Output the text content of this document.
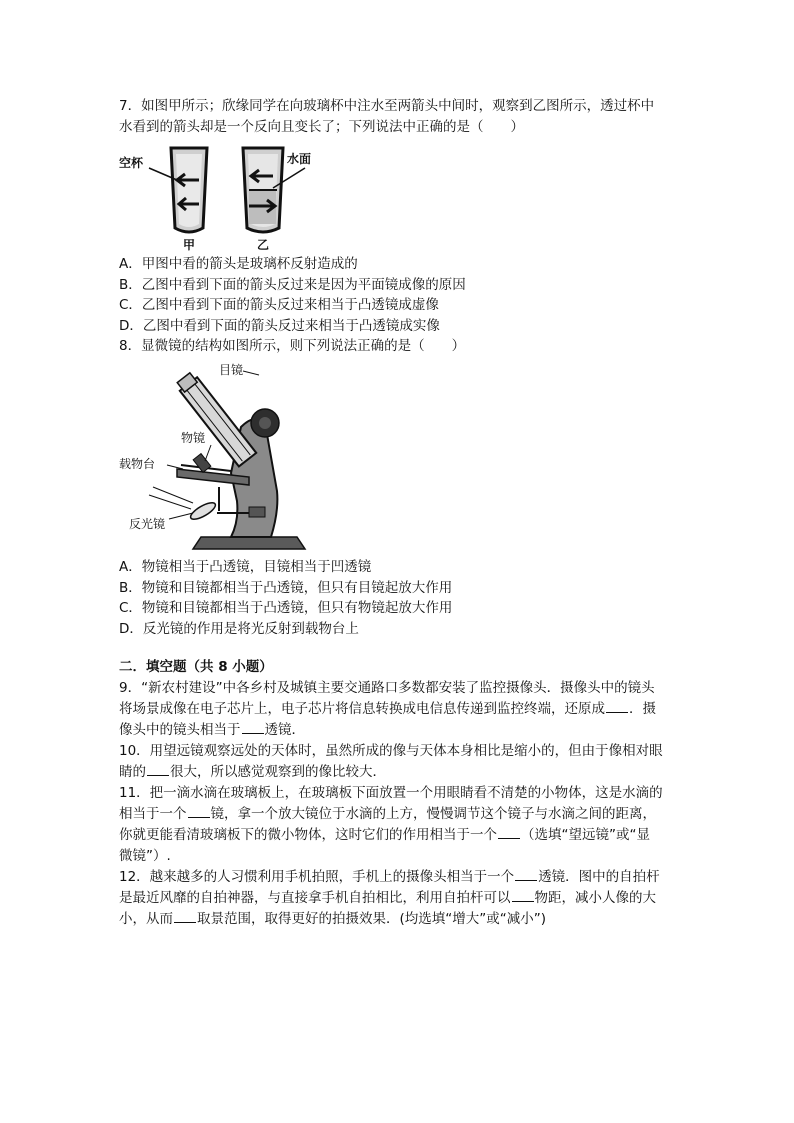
7．如图甲所示；欣缘同学在向玻璃杯中注水至两箭头中间时，观察到乙图所示，透过杯中
水看到的箭头却是一个反向且变长了；下列说法中正确的是（　　）
空杯	水面
甲	乙
A．甲图中看的箭头是玻璃杯反射造成的
B．乙图中看到下面的箭头反过来是因为平面镜成像的原因
C．乙图中看到下面的箭头反过来相当于凸透镜成虚像
D．乙图中看到下面的箭头反过来相当于凸透镜成实像
8．显微镜的结构如图所示，则下列说法正确的是（　　）
目镜
物镜
载物台
反光镜
A．物镜相当于凸透镜，目镜相当于凹透镜
B．物镜和目镜都相当于凸透镜，但只有目镜起放大作用
C．物镜和目镜都相当于凸透镜，但只有物镜起放大作用
D．反光镜的作用是将光反射到载物台上
二．填空题（共 8 小题）
9．“新农村建设”中各乡村及城镇主要交通路口多数都安装了监控摄像头．摄像头中的镜头
将场景成像在电子芯片上，电子芯片将信息转换成电信息传递到监控终端，还原成 ．摄
像头中的镜头相当于 透镜．
10．用望远镜观察远处的天体时，虽然所成的像与天体本身相比是缩小的，但由于像相对眼
睛的 很大，所以感觉观察到的像比较大．
11．把一滴水滴在玻璃板上，在玻璃板下面放置一个用眼睛看不清楚的小物体，这是水滴的
相当于一个 镜，拿一个放大镜位于水滴的上方，慢慢调节这个镜子与水滴之间的距离，
你就更能看清玻璃板下的微小物体，这时它们的作用相当于一个 （选填“望远镜”或“显
微镜”）.
12．越来越多的人习惯利用手机拍照，手机上的摄像头相当于一个 透镜．图中的自拍杆
是最近风靡的自拍神器，与直接拿手机自拍相比，利用自拍杆可以 物距，减小人像的大
小，从而 取景范围，取得更好的拍摄效果．(均选填“增大”或“减小”)
